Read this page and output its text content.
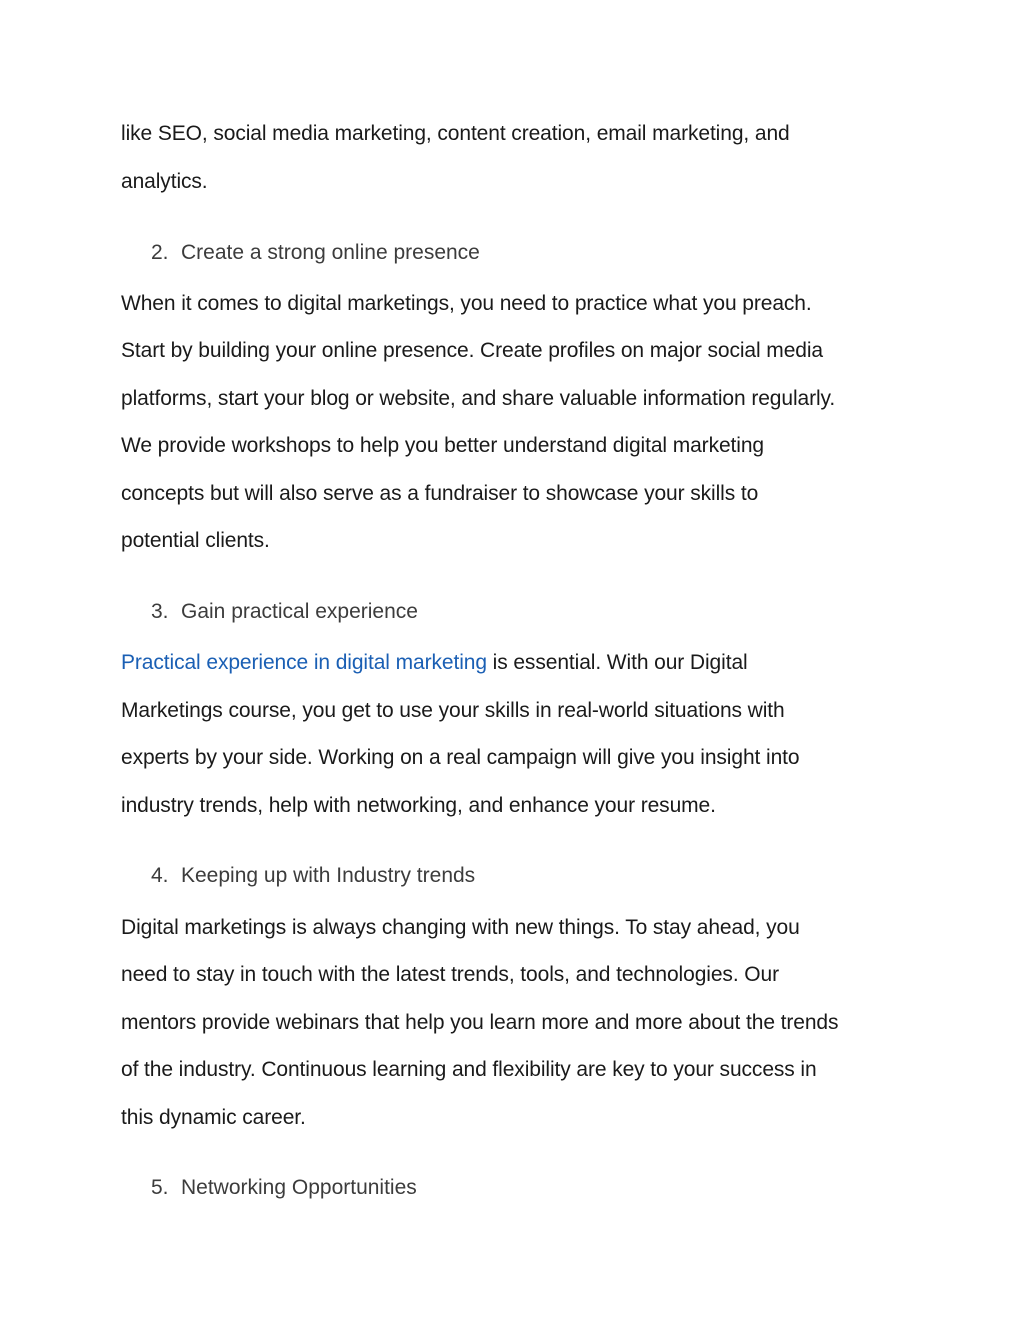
like SEO, social media marketing, content creation, email marketing, and
analytics.
2. Create a strong online presence
When it comes to digital marketings, you need to practice what you preach.
Start by building your online presence. Create profiles on major social media
platforms, start your blog or website, and share valuable information regularly.
We provide workshops to help you better understand digital marketing
concepts but will also serve as a fundraiser to showcase your skills to
potential clients.
3. Gain practical experience
Practical experience in digital marketing is essential. With our Digital
Marketings course, you get to use your skills in real-world situations with
experts by your side. Working on a real campaign will give you insight into
industry trends, help with networking, and enhance your resume.
4. Keeping up with Industry trends
Digital marketings is always changing with new things. To stay ahead, you
need to stay in touch with the latest trends, tools, and technologies. Our
mentors provide webinars that help you learn more and more about the trends
of the industry. Continuous learning and flexibility are key to your success in
this dynamic career.
5. Networking Opportunities
